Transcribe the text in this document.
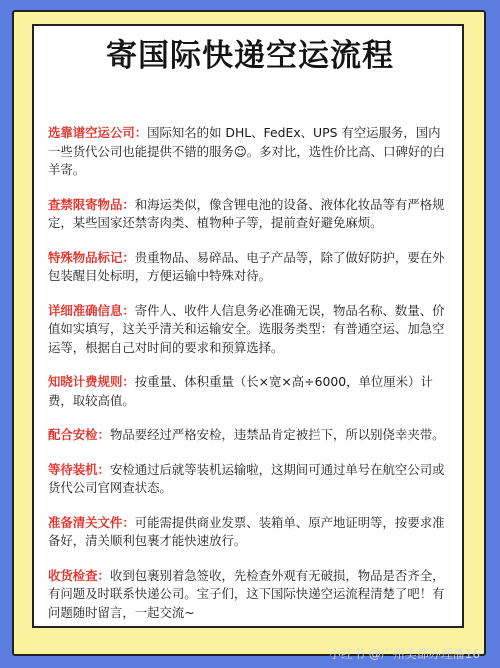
寄国际快递空运流程

选靠谱空运公司：国际知名的如 DHL、FedEx、UPS 有空运服务，国内一些货代公司也能提供不错的服务☺。多对比，选性价比高、口碑好的白羊寄。

查禁限寄物品：和海运类似，像含锂电池的设备、液体化妆品等有严格规定，某些国家还禁寄肉类、植物种子等，提前查好避免麻烦。

特殊物品标记：贵重物品、易碎品、电子产品等，除了做好防护，要在外包装醒目处标明，方便运输中特殊对待。

详细准确信息：寄件人、收件人信息务必准确无误，物品名称、数量、价值如实填写，这关乎清关和运输安全。选服务类型：有普通空运、加急空运等，根据自己对时间的要求和预算选择。

知晓计费规则：按重量、体积重量（长×宽×高÷6000，单位厘米）计费，取较高值。

配合安检：物品要经过严格安检，违禁品肯定被拦下，所以别侥幸夹带。

等待装机：安检通过后就等装机运输啦，这期间可通过单号在航空公司或货代公司官网查状态。

准备清关文件：可能需提供商业发票、装箱单、原产地证明等，按要求准备好，清关顺利包裹才能快速放行。

收货检查：收到包裹别着急签收，先检查外观有无破损，物品是否齐全，有问题及时联系快递公司。宝子们，这下国际快递空运流程清楚了吧！有问题随时留言，一起交流~

小红书 @广州美都办理潘16
